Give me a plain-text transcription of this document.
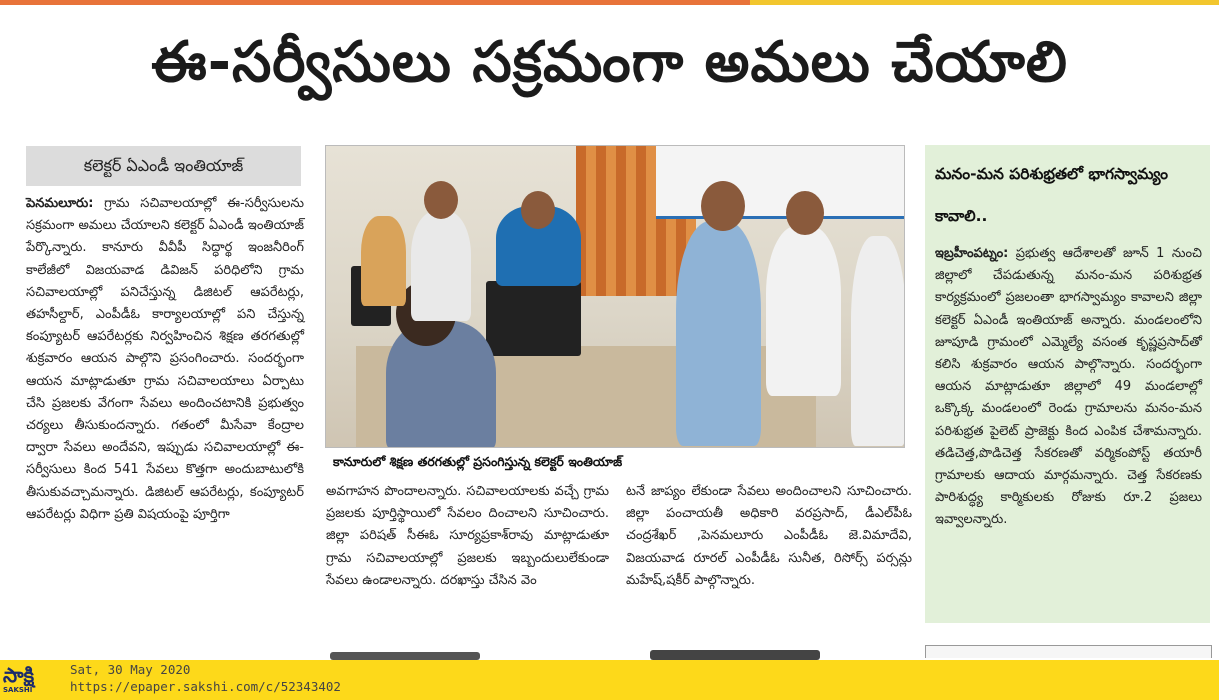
ఈ-సర్వీసులు సక్రమంగా అమలు చేయాలి
కలెక్టర్ ఏఎండీ ఇంతియాజ్
పెనమలూరు: గ్రామ సచివాలయాల్లో ఈ-సర్వీసులను సక్రమంగా అమలు చేయాలని కలెక్టర్ ఏఎండీ ఇంతియాజ్ పేర్కొన్నారు. కానూరు వీవీపీ సిద్ధార్థ ఇంజనీరింగ్ కాలేజీలో విజయవాడ డివిజన్ పరిధిలోని గ్రామ సచివాలయాల్లో పనిచేస్తున్న డిజిటల్ ఆపరేటర్లు, తహసీల్దార్, ఎంపీడీఓ కార్యాలయాల్లో పని చేస్తున్న కంప్యూటర్ ఆపరేటర్లకు నిర్వహించిన శిక్షణ తరగతుల్లో శుక్రవారం ఆయన పాల్గొని ప్రసంగించారు. సందర్భంగా ఆయన మాట్లాడుతూ గ్రామ సచివాలయాలు ఏర్పాటు చేసి ప్రజలకు వేగంగా సేవలు అందించటానికి ప్రభుత్వం చర్యలు తీసుకుందన్నారు. గతంలో మీసేవా కేంద్రాల ద్వారా సేవలు అందేవని, ఇప్పుడు సచివాలయాల్లో ఈ-సర్వీసులు కింద 541 సేవలు కొత్తగా అందుబాటులోకి తీసుకువచ్చామన్నారు. డిజిటల్ ఆపరేటర్లు, కంప్యూటర్ ఆపరేటర్లు విధిగా ప్రతి విషయంపై పూర్తిగా
కానూరులో శిక్షణ తరగతుల్లో ప్రసంగిస్తున్న కలెక్టర్ ఇంతియాజ్
అవగాహన పొందాలన్నారు. సచివాలయాలకు వచ్చే గ్రామ ప్రజలకు పూర్తిస్థాయిలో సేవలం దించాలని సూచించారు. జిల్లా పరిషత్ సీఈఓ సూర్యప్రకాశ్‌రావు మాట్లాడుతూ గ్రామ సచివాలయాల్లో ప్రజలకు ఇబ్బందులులేకుండా సేవలు ఉండాలన్నారు. దరఖాస్తు చేసిన వెం
టనే జాప్యం లేకుండా సేవలు అందించాలని సూచించారు. జిల్లా పంచాయతీ అధికారి వరప్రసాద్, డీఎల్‌పీఓ చంద్రశేఖర్ ,పెనమలూరు ఎంపీడీఓ జె.విమాదేవి, విజయవాడ రూరల్ ఎంపీడీఓ సునీత, రిసోర్స్ పర్సన్లు మహేష్,షకీర్ పాల్గొన్నారు.
మనం-మన పరిశుభ్రతలో భాగస్వామ్యం కావాలి..
ఇబ్రహీంపట్నం: ప్రభుత్వ ఆదేశాలతో జూన్ 1 నుంచి జిల్లాలో చేపడుతున్న మనం-మన పరిశుభ్రత కార్యక్రమంలో ప్రజలంతా భాగస్వామ్యం కావాలని జిల్లా కలెక్టర్ ఏఎండీ ఇంతియాజ్ అన్నారు. మండలంలోని జూపూడి గ్రామంలో ఎమ్మెల్యే వసంత కృష్ణప్రసాద్‌తో కలిసి శుక్రవారం ఆయన పాల్గొన్నారు. సందర్భంగా ఆయన మాట్లాడుతూ జిల్లాలో 49 మండలాల్లో ఒక్కొక్క మండలంలో రెండు గ్రామాలను మనం-మన పరిశుభ్రత పైలెట్ ప్రాజెక్టు కింద ఎంపిక చేశామన్నారు. తడిచెత్త,పొడిచెత్త సేకరణతో వర్మికంపోస్ట్ తయారీ గ్రామాలకు ఆదాయ మార్గమన్నారు. చెత్త సేకరణకు పారిశుద్ధ్య కార్మికులకు రోజుకు రూ.2 ప్రజలు ఇవ్వాలన్నారు.
సాక్షి
SAKSHI
Sat, 30 May 2020
https://epaper.sakshi.com/c/52343402
